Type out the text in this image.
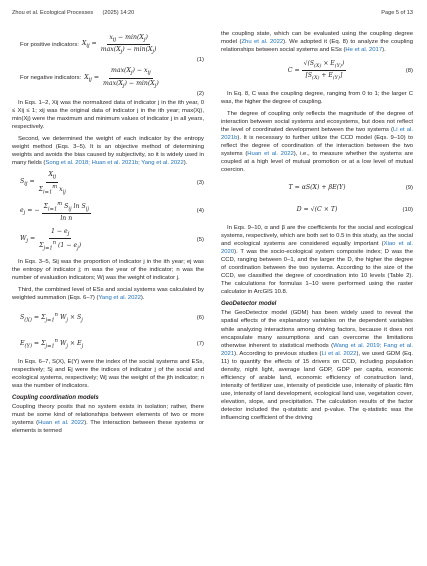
Zhou et al. Ecological Processes (2025) 14:20	Page 5 of 13
For positive indicators: $X_{ij} = \frac{x_{ij} - \min(X_j)}{\max(X_j) - \min(X_j)}$
(1)
For negative indicators: $X_{ij} = \frac{\max(X_j) - x_{ij}}{\max(X_j) - \min(X_j)}$
(2)

In Eqs. 1–2, Xij was the normalized data of indicator j in the ith year, 0 ≤ Xij ≤ 1; xij was the original data of indicator j in the ith year; max(Xj), min(Xj) were the maximum and minimum values of indicator j in all years, respectively.

Second, we determined the weight of each indicator by the entropy weight method (Eqs. 3–5). It is an objective method of determining weights and avoids the bias caused by subjectivity, so it is widely used in many fields (Song et al. 2018; Huan et al. 2021b; Yang et al. 2022).

$S_{ij} = \frac{X_{ij}}{\Sigma_{i=1}^m x_{ij}}$	(3)
$e_j$ = − $\frac{\Sigma_{i=1}^m S_{ij} \ln S_{ij}}{\text{ln n}}$	(4)
$W_j = \frac{1 - e_j}{\Sigma_{j=1}^n (1 - e_j)}$	(5)

In Eqs. 3–5, Sij was the proportion of indicator j in the ith year; ej was the entropy of indicator j; m was the year of the indicator; n was the number of evaluation indicators; Wj was the weight of indicator j.

Third, the combined level of ESs and social systems was calculated by weighted summation (Eqs. 6–7) (Yang et al. 2022).

$S_{(X)} = \Sigma_{j=1}^n$ $W_j \times S_j$	(6)
$E_{(Y)} = \Sigma_{j=1}^n$ $W_j \times E_j$	(7)

In Eqs. 6–7, S(X), E(Y) were the index of the social systems and ESs, respectively; Sj and Ej were the indices of indicator j of the social and ecological systems, respectively; Wj was the weight of the jth indicator; n was the number of indicators.

Coupling coordination models

Coupling theory posits that no system exists in isolation; rather, there must be some kind of relationships between elements of two or more systems (Huan et al. 2022). The interaction between these systems or elements is termed

the coupling state, which can be evaluated using the coupling degree model (Zhu et al. 2022). We adopted it (Eq. 8) to analyze the coupling relationships between social systems and ESs (He et al. 2017).

$C = \frac{√(S_{(X)} \times E_{(Y)})}{[S_{(X)} + E_{(Y)}]}$	(8)

In Eq. 8, C was the coupling degree, ranging from 0 to 1; the larger C was, the higher the degree of coupling.

The degree of coupling only reflects the magnitude of the degree of interaction between social systems and ecosystems, but does not reflect the level of coordinated development between the two systems (Li et al. 2021b). It is necessary to further utilize the CCD model (Eqs. 9–10) to reflect the degree of coordination of the interaction between the two systems (Huan et al. 2022), i.e., to measure whether the systems are coupled at a high level of mutual promotion or at a low level of mutual coercion.

T = αS(X) + βE(Y)	(9)
D = √(C × T)	(10)

In Eqs. 9–10, α and β are the coefficients for the social and ecological systems, respectively, which are both set to 0.5 in this study, as the social and ecological systems are considered equally important (Xiao et al. 2020). T was the socio-ecological system composite index; D was the CCD, ranging between 0–1, and the larger the D, the higher the degree of coordination between the two systems. According to the size of the CCD, we classified the degree of coordination into 10 levels (Table 2). The calculations for formulas 1–10 were performed using the raster calculator in ArcGIS 10.8.

GeoDetector model

The GeoDetector model (GDM) has been widely used to reveal the spatial effects of the explanatory variables on the dependent variables while analyzing interactions among driving factors, because it does not encapsulate many assumptions and can overcome the limitations otherwise inherent to statistical methods (Wang et al. 2019; Fang et al. 2021). According to previous studies (Li et al. 2022), we used GDM (Eq. 11) to quantify the effects of 15 drivers on CCD, including population density, night light, average land GDP, GDP per capita, economic efficiency of arable land, economic efficiency of construction land, intensity of fertilizer use, intensity of pesticide use, intensity of plastic film use, intensity of land development, ecological land use, vegetation cover, elevation, slope, and precipitation. The calculation results of the factor detector included the q-statistic and p-value. The q-statistic was the influencing coefficient of the driving
